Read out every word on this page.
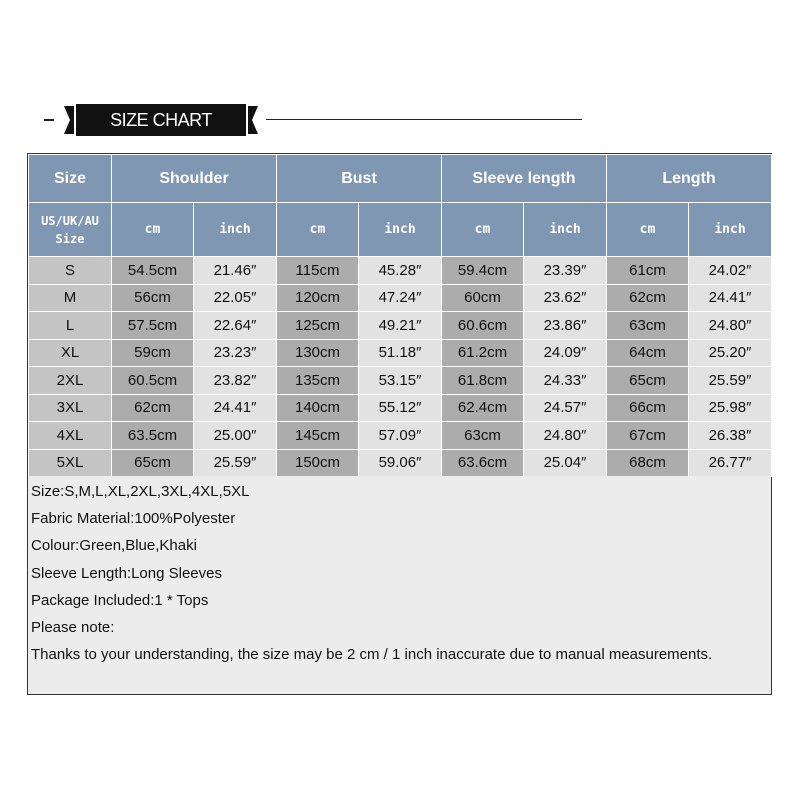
SIZE CHART
Size	Shoulder		Bust		Sleeve length		Length	

US/UK/AU
Size	cm	inch	cm	inch	cm	inch	cm	inch
S	54.5cm	21.46″	115cm	45.28″	59.4cm	23.39″	61cm	24.02″
M	56cm	22.05″	120cm	47.24″	60cm	23.62″	62cm	24.41″
L	57.5cm	22.64″	125cm	49.21″	60.6cm	23.86″	63cm	24.80″
XL	59cm	23.23″	130cm	51.18″	61.2cm	24.09″	64cm	25.20″
2XL	60.5cm	23.82″	135cm	53.15″	61.8cm	24.33″	65cm	25.59″
3XL	62cm	24.41″	140cm	55.12″	62.4cm	24.57″	66cm	25.98″
4XL	63.5cm	25.00″	145cm	57.09″	63cm	24.80″	67cm	26.38″
5XL	65cm	25.59″	150cm	59.06″	63.6cm	25.04″	68cm	26.77″
Size:S,M,L,XL,2XL,3XL,4XL,5XL
Fabric Material:100%Polyester
Colour:Green,Blue,Khaki
Sleeve Length:Long Sleeves
Package Included:1 * Tops
Please note:
Thanks to your understanding, the size may be 2 cm / 1 inch inaccurate due to manual measurements.
